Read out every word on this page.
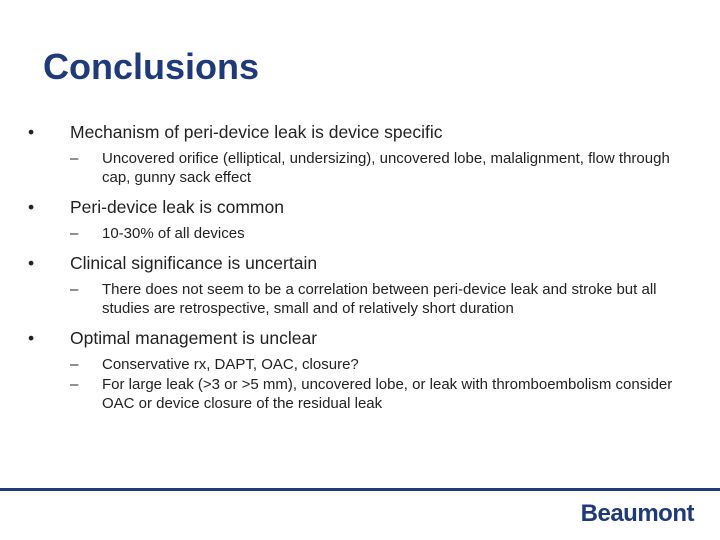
Conclusions
•	Mechanism of peri-device leak is device specific
– Uncovered orifice (elliptical, undersizing), uncovered lobe, malalignment, flow through cap, gunny sack effect
•	Peri-device leak is common
– 10-30% of all devices
•	Clinical significance is uncertain
– There does not seem to be a correlation between peri-device leak and stroke but all studies are retrospective, small and of relatively short duration
•	Optimal management is unclear
– Conservative rx, DAPT, OAC, closure?
– For large leak (>3 or >5 mm), uncovered lobe, or leak with thromboembolism consider OAC or device closure of the residual leak
Beaumont
